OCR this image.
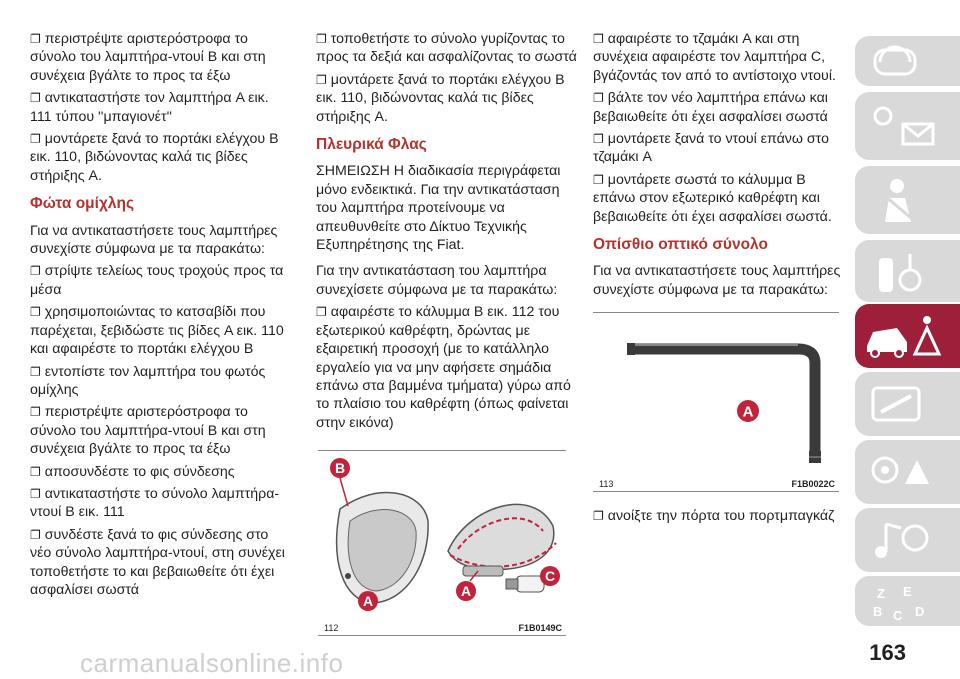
❐ περιστρέψτε αριστερόστροφα το σύνολο του λαμπτήρα-ντουί B και στη συνέχεια βγάλτε το προς τα έξω

❐ αντικαταστήστε τον λαμπτήρα A εικ. 111 τύπου ''μπαγιονέτ''

❐ μοντάρετε ξανά το πορτάκι ελέγχου B εικ. 110, βιδώνοντας καλά τις βίδες στήριξης A.

Φώτα ομίχλης

Για να αντικαταστήσετε τους λαμπτήρες συνεχίστε σύμφωνα με τα παρακάτω:

❐ στρίψτε τελείως τους τροχούς προς τα μέσα

❐ χρησιμοποιώντας το κατσαβίδι που παρέχεται, ξεβιδώστε τις βίδες A εικ. 110 και αφαιρέστε το πορτάκι ελέγχου B

❐ εντοπίστε τον λαμπτήρα του φωτός ομίχλης

❐ περιστρέψτε αριστερόστροφα το σύνολο του λαμπτήρα-ντουί B και στη συνέχεια βγάλτε το προς τα έξω

❐ αποσυνδέστε το φις σύνδεσης

❐ αντικαταστήστε το σύνολο λαμπτήρα-ντουί B εικ. 111

❐ συνδέστε ξανά το φις σύνδεσης στο νέο σύνολο λαμπτήρα-ντουί, στη συνέχει τοποθετήστε το και βεβαιωθείτε ότι έχει ασφαλίσει σωστά

❐ τοποθετήστε το σύνολο γυρίζοντας το προς τα δεξιά και ασφαλίζοντας το σωστά

❐ μοντάρετε ξανά το πορτάκι ελέγχου B εικ. 110, βιδώνοντας καλά τις βίδες στήριξης A.

Πλευρικά Φλας

ΣΗΜΕΙΩΣΗ Η διαδικασία περιγράφεται μόνο ενδεικτικά. Για την αντικατάσταση του λαμπτήρα προτείνουμε να απευθυνθείτε στο Δίκτυο Τεχνικής Εξυπηρέτησης της Fiat.

Για την αντικατάσταση του λαμπτήρα συνεχίσετε σύμφωνα με τα παρακάτω:

❐ αφαιρέστε το κάλυμμα B εικ. 112 του εξωτερικού καθρέφτη, δρώντας με εξαιρετική προσοχή (με το κατάλληλο εργαλείο για να μην αφήσετε σημάδια επάνω στα βαμμένα τμήματα) γύρω από το πλαίσιο του καθρέφτη (όπως φαίνεται στην εικόνα)

B
A
A
C
112	F1B0149C

❐ αφαιρέστε το τζαμάκι A και στη συνέχεια αφαιρέστε τον λαμπτήρα C, βγάζοντάς τον από το αντίστοιχο ντουί.

❐ βάλτε τον νέο λαμπτήρα επάνω και βεβαιωθείτε ότι έχει ασφαλίσει σωστά

❐ μοντάρετε ξανά το ντουί επάνω στο τζαμάκι A

❐ μοντάρετε σωστά το κάλυμμα B επάνω στον εξωτερικό καθρέφτη και βεβαιωθείτε ότι έχει ασφαλίσει σωστά.

Οπίσθιο οπτικό σύνολο

Για να αντικαταστήσετε τους λαμπτήρες συνεχίστε σύμφωνα με τα παρακάτω:

A
113	F1B0022C

❐ ανοίξτε την πόρτα του πορτμπαγκάζ

Z E
B C D
163
carmanualsonline.info
